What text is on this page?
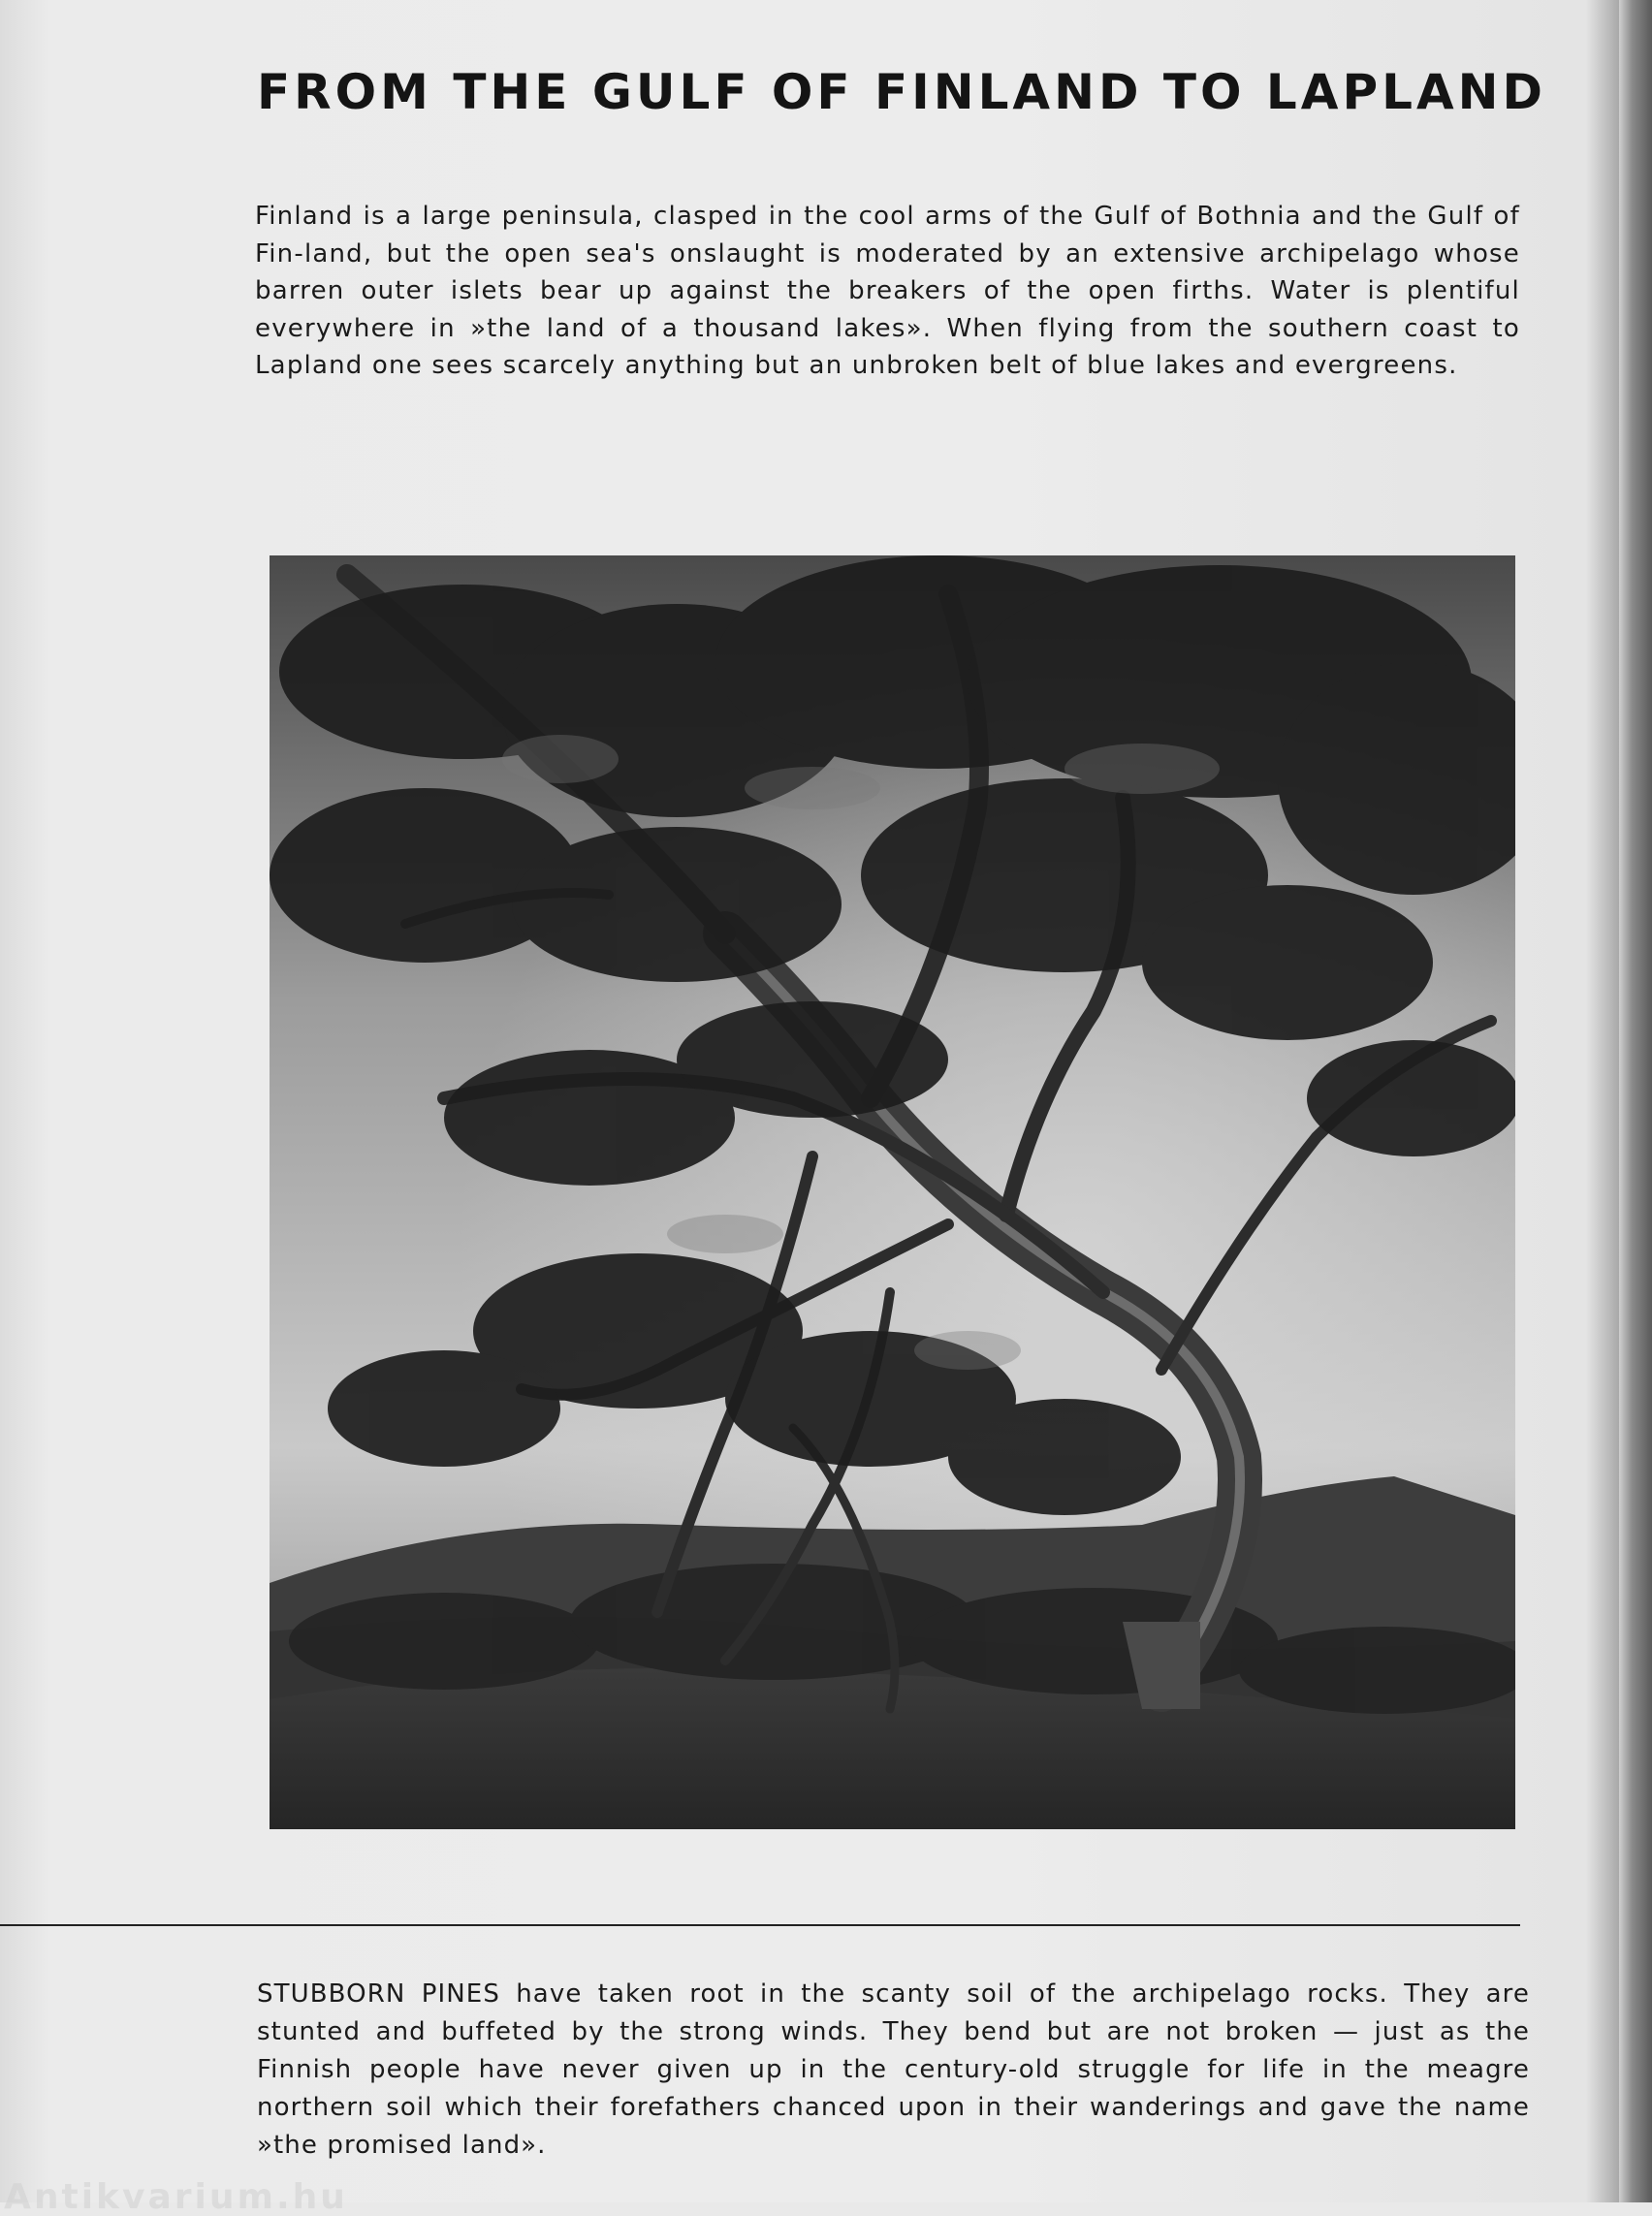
FROM THE GULF OF FINLAND TO LAPLAND

Finland is a large peninsula, clasped in the cool arms of the Gulf of Bothnia and the Gulf of Fin-land, but the open sea's onslaught is moderated by an extensive archipelago whose barren outer islets bear up against the breakers of the open firths. Water is plentiful everywhere in »the land of a thousand lakes». When flying from the southern coast to Lapland one sees scarcely anything but an unbroken belt of blue lakes and evergreens.

STUBBORN PINES have taken root in the scanty soil of the archipelago rocks. They are stunted and buffeted by the strong winds. They bend but are not broken — just as the Finnish people have never given up in the century-old struggle for life in the meagre northern soil which their forefathers chanced upon in their wanderings and gave the name »the promised land».

Antikvarium.hu
